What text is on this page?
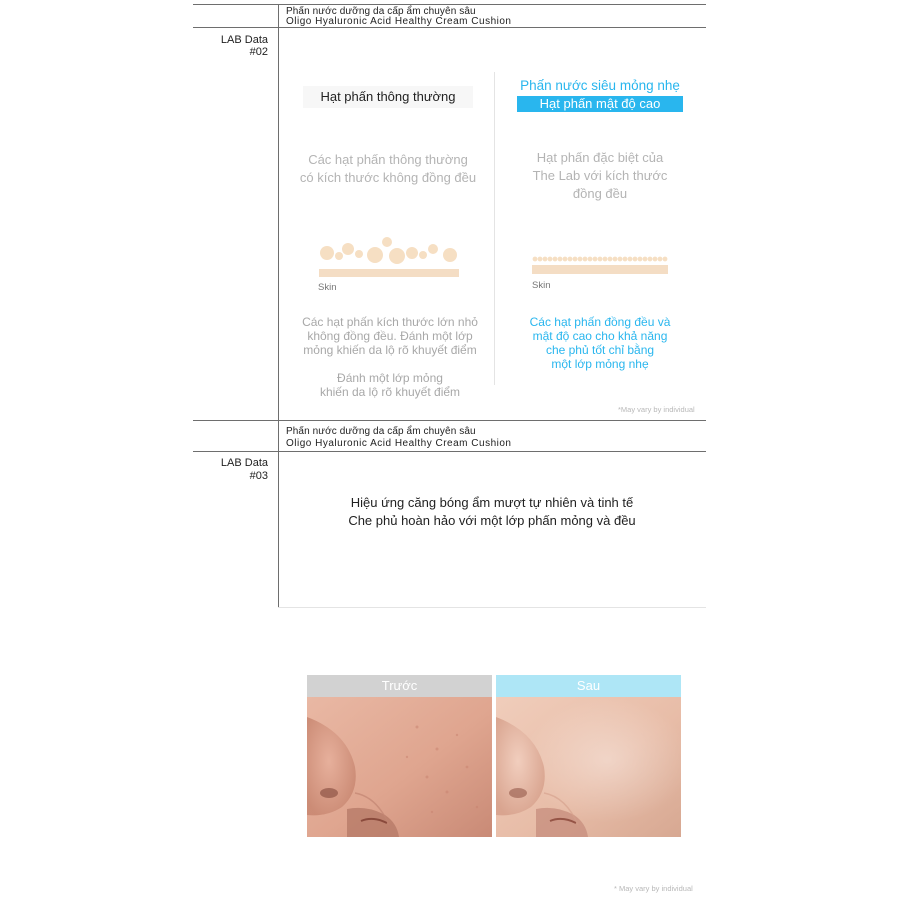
Phấn nước dưỡng da cấp ẩm chuyên sâu
Oligo Hyaluronic Acid Healthy Cream Cushion
LAB Data
#02
Hạt phấn thông thường
Các hạt phấn thông thường
có kích thước không đồng đều
Skin
Các hạt phấn kích thước lớn nhỏ
không đồng đều. Đánh một lớp
mỏng khiến da lộ rõ khuyết điểm
Đánh một lớp mỏng
khiến da lộ rõ khuyết điểm
Phấn nước siêu mỏng nhẹ
Hạt phấn mật độ cao
Hạt phấn đặc biệt của
The Lab với kích thước
đồng đều
Skin
Các hạt phấn đồng đều và
mật độ cao cho khả năng
che phủ tốt chỉ bằng
một lớp mỏng nhẹ
*May vary by individual
Phấn nước dưỡng da cấp ẩm chuyên sâu
Oligo Hyaluronic Acid Healthy Cream Cushion
LAB Data
#03
Hiệu ứng căng bóng ẩm mượt tự nhiên và tinh tế
Che phủ hoàn hảo với một lớp phấn mỏng và đều
Trước	Sau
* May vary by individual
